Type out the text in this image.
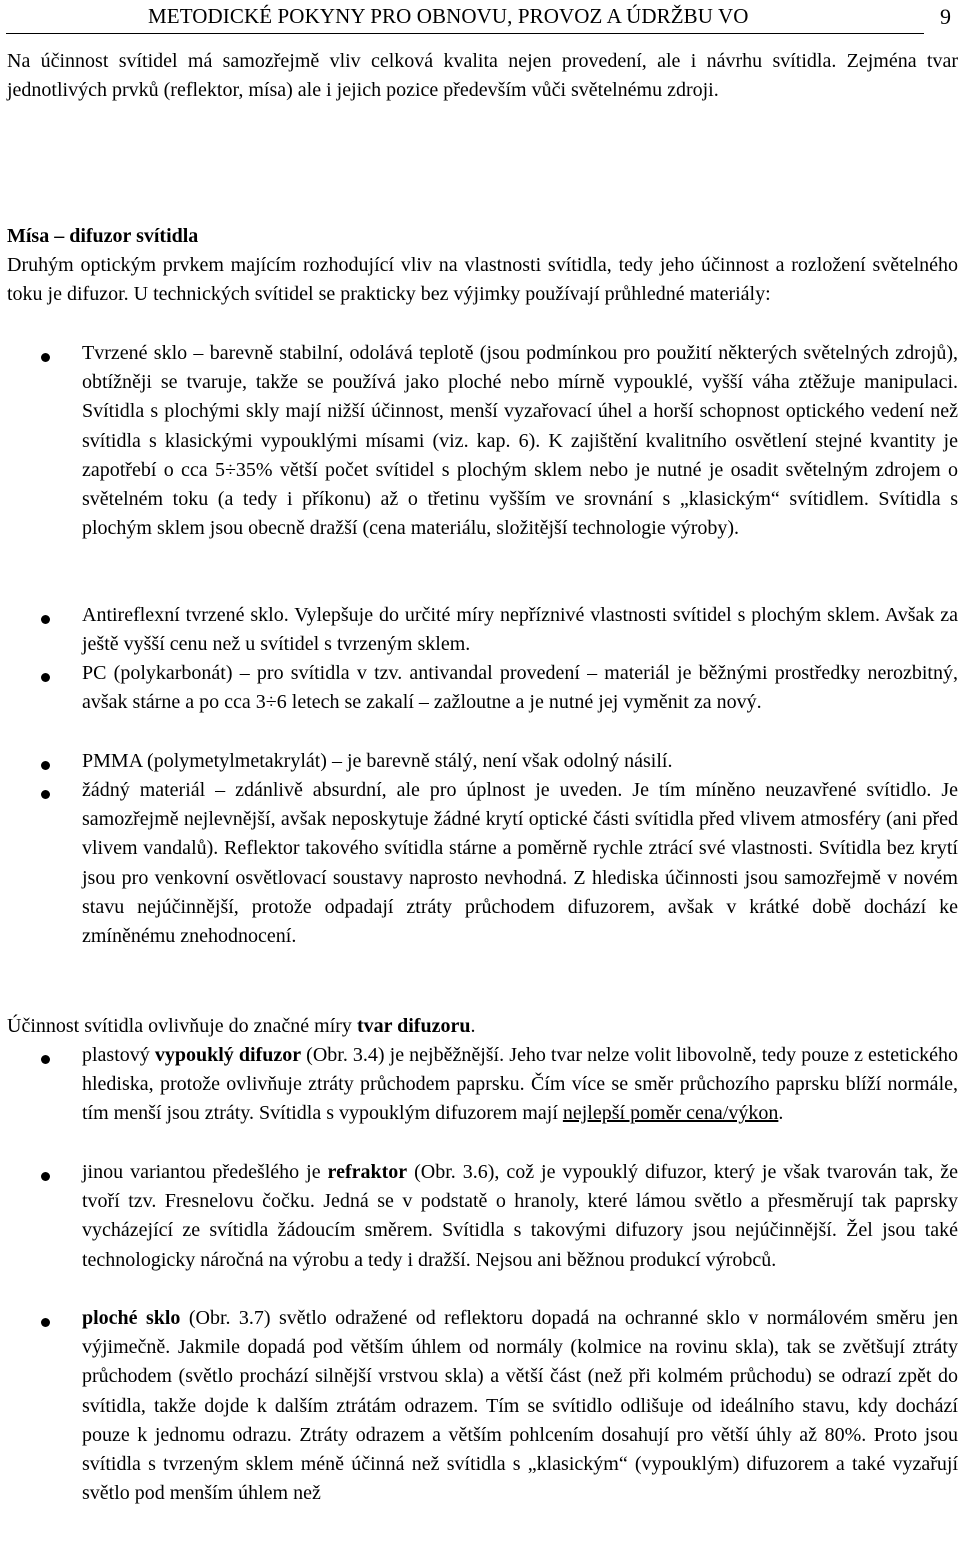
METODICKÉ POKYNY PRO OBNOVU, PROVOZ A ÚDRŽBU VO	9
Na účinnost svítidel má samozřejmě vliv celková kvalita nejen provedení, ale i návrhu svítidla. Zejména tvar jednotlivých prvků (reflektor, mísa) ale i jejich pozice především vůči světelnému zdroji.
Mísa – difuzor svítidla
Druhým optickým prvkem majícím rozhodující vliv na vlastnosti svítidla, tedy jeho účinnost a rozložení světelného toku je difuzor. U technických svítidel se prakticky bez výjimky používají průhledné materiály:
Tvrzené sklo – barevně stabilní, odolává teplotě (jsou podmínkou pro použití některých světelných zdrojů), obtížněji se tvaruje, takže se používá jako ploché nebo mírně vypouklé, vyšší váha ztěžuje manipulaci. Svítidla s plochými skly mají nižší účinnost, menší vyzařovací úhel a horší schopnost optického vedení než svítidla s klasickými vypouklými mísami (viz. kap. 6). K zajištění kvalitního osvětlení stejné kvantity je zapotřebí o cca 5÷35% větší počet svítidel s plochým sklem nebo je nutné je osadit světelným zdrojem o světelném toku (a tedy i příkonu) až o třetinu vyšším ve srovnání s „klasickým“ svítidlem. Svítidla s plochým sklem jsou obecně dražší (cena materiálu, složitější technologie výroby).
Antireflexní tvrzené sklo. Vylepšuje do určité míry nepříznivé vlastnosti svítidel s plochým sklem. Avšak za ještě vyšší cenu než u svítidel s tvrzeným sklem.
PC (polykarbonát) – pro svítidla v tzv. antivandal provedení – materiál je běžnými prostředky nerozbitný, avšak stárne a po cca 3÷6 letech se zakalí – zažloutne a je nutné jej vyměnit za nový.
PMMA (polymetylmetakrylát) – je barevně stálý, není však odolný násilí.
žádný materiál – zdánlivě absurdní, ale pro úplnost je uveden. Je tím míněno neuzavřené svítidlo. Je samozřejmě nejlevnější, avšak neposkytuje žádné krytí optické části svítidla před vlivem atmosféry (ani před vlivem vandalů). Reflektor takového svítidla stárne a poměrně rychle ztrácí své vlastnosti. Svítidla bez krytí jsou pro venkovní osvětlovací soustavy naprosto nevhodná. Z hlediska účinnosti jsou samozřejmě v novém stavu nejúčinnější, protože odpadají ztráty průchodem difuzorem, avšak v krátké době dochází ke zmíněnému znehodnocení.
Účinnost svítidla ovlivňuje do značné míry tvar difuzoru.
plastový vypouklý difuzor (Obr. 3.4) je nejběžnější. Jeho tvar nelze volit libovolně, tedy pouze z estetického hlediska, protože ovlivňuje ztráty průchodem paprsku. Čím více se směr průchozího paprsku blíží normále, tím menší jsou ztráty. Svítidla s vypouklým difuzorem mají nejlepší poměr cena/výkon.
jinou variantou předešlého je refraktor (Obr. 3.6), což je vypouklý difuzor, který je však tvarován tak, že tvoří tzv. Fresnelovu čočku. Jedná se v podstatě o hranoly, které lámou světlo a přesměrují tak paprsky vycházející ze svítidla žádoucím směrem. Svítidla s takovými difuzory jsou nejúčinnější. Žel jsou také technologicky náročná na výrobu a tedy i dražší. Nejsou ani běžnou produkcí výrobců.
ploché sklo (Obr. 3.7) světlo odražené od reflektoru dopadá na ochranné sklo v normálovém směru jen výjimečně. Jakmile dopadá pod větším úhlem od normály (kolmice na rovinu skla), tak se zvětšují ztráty průchodem (světlo prochází silnější vrstvou skla) a větší část (než při kolmém průchodu) se odrazí zpět do svítidla, takže dojde k dalším ztrátám odrazem. Tím se svítidlo odlišuje od ideálního stavu, kdy dochází pouze k jednomu odrazu. Ztráty odrazem a větším pohlcením dosahují pro větší úhly až 80%. Proto jsou svítidla s tvrzeným sklem méně účinná než svítidla s „klasickým“ (vypouklým) difuzorem a také vyzařují světlo pod menším úhlem než
